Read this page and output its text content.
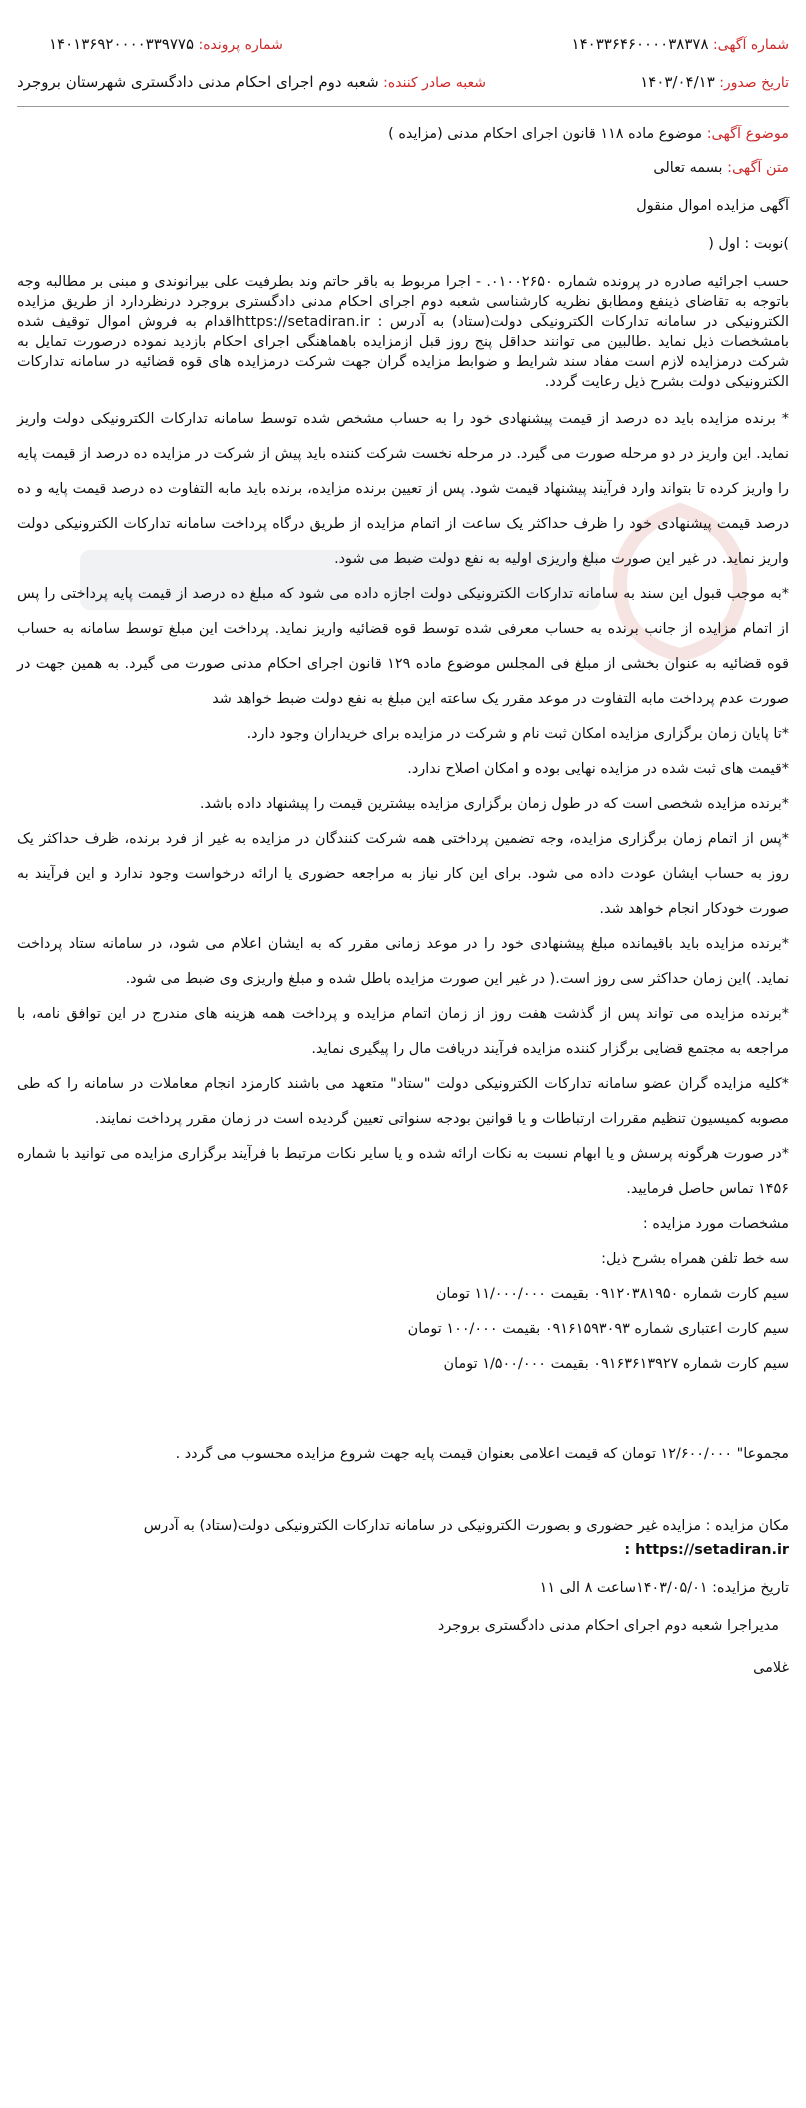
شماره آگهی: ۱۴۰۳۳۶۴۶۰۰۰۰۳۸۳۷۸
شماره پرونده: ۱۴۰۱۳۶۹۲۰۰۰۰۳۳۹۷۷۵
تاریخ صدور: ۱۴۰۳/۰۴/۱۳
شعبه صادر کننده: شعبه دوم اجرای احکام مدنی دادگستری شهرستان بروجرد
موضوع آگهی: موضوع ماده ۱۱۸ قانون اجرای احکام مدنی (مزایده )
متن آگهی: بسمه تعالی
آگهی مزایده اموال منقول
)نوبت : اول (

حسب اجرائیه صادره در پرونده شماره ۰۱۰۰۲۶۵۰. - اجرا مربوط به باقر حاتم وند بطرفیت علی بیرانوندی و مبنی بر مطالبه وجه باتوجه به تقاضای ذینفع ومطابق نظریه کارشناسی شعبه دوم اجرای احکام مدنی دادگستری بروجرد درنظردارد از طریق مزایده الکترونیکی در سامانه تدارکات الکترونیکی دولت(ستاد) به آدرس : https://setadiran.irاقدام به فروش اموال توقیف شده بامشخصات ذیل نماید .طالبین می توانند حداقل پنج روز قبل ازمزایده باهماهنگی اجرای احکام بازدید نموده درصورت تمایل به شرکت درمزایده لازم است مفاد سند شرایط و ضوابط مزایده گران جهت شرکت درمزایده های قوه قضائیه در سامانه تدارکات الکترونیکی دولت بشرح ذیل رعایت گردد.

* برنده مزایده باید ده درصد از قیمت پیشنهادی خود را به حساب مشخص شده توسط سامانه تدارکات الکترونیکی دولت واریز نماید. این واریز در دو مرحله صورت می گیرد. در مرحله نخست شرکت کننده باید پیش از شرکت در مزایده ده درصد از قیمت پایه را واریز کرده تا بتواند وارد فرآیند پیشنهاد قیمت شود. پس از تعیین برنده مزایده، برنده باید مابه التفاوت ده درصد قیمت پایه و ده درصد قیمت پیشنهادی خود را ظرف حداکثر یک ساعت از اتمام مزایده از طریق درگاه پرداخت سامانه تدارکات الکترونیکی دولت واریز نماید. در غیر این صورت مبلغ واریزی اولیه به نفع دولت ضبط می شود.

*به موجب قبول این سند به سامانه تدارکات الکترونیکی دولت اجازه داده می شود که مبلغ ده درصد از قیمت پایه پرداختی را پس از اتمام مزایده از جانب برنده به حساب معرفی شده توسط قوه قضائیه واریز نماید. پرداخت این مبلغ توسط سامانه به حساب قوه قضائیه به عنوان بخشی از مبلغ فی المجلس موضوع ماده ۱۲۹ قانون اجرای احکام مدنی صورت می گیرد. به همین جهت در صورت عدم پرداخت مابه التفاوت در موعد مقرر یک ساعته این مبلغ به نفع دولت ضبط خواهد شد

*تا پایان زمان برگزاری مزایده امکان ثبت نام و شرکت در مزایده برای خریداران وجود دارد.

*قیمت های ثبت شده در مزایده نهایی بوده و امکان اصلاح ندارد.

*برنده مزایده شخصی است که در طول زمان برگزاری مزایده بیشترین قیمت را پیشنهاد داده باشد.

*پس از اتمام زمان برگزاری مزایده، وجه تضمین پرداختی همه شرکت کنندگان در مزایده به غیر از فرد برنده، ظرف حداکثر یک روز به حساب ایشان عودت داده می شود. برای این کار نیاز به مراجعه حضوری یا ارائه درخواست وجود ندارد و این فرآیند به صورت خودکار انجام خواهد شد.

*برنده مزایده باید باقیمانده مبلغ پیشنهادی خود را در موعد زمانی مقرر که به ایشان اعلام می شود، در سامانه ستاد پرداخت نماید. )این زمان حداکثر سی روز است.( در غیر این صورت مزایده باطل شده و مبلغ واریزی وی ضبط می شود.

*برنده مزایده می تواند پس از گذشت هفت روز از زمان اتمام مزایده و پرداخت همه هزینه های مندرج در این توافق نامه، با مراجعه به مجتمع قضایی برگزار کننده مزایده فرآیند دریافت مال را پیگیری نماید.

*کلیه مزایده گران عضو سامانه تدارکات الکترونیکی دولت "ستاد" متعهد می باشند کارمزد انجام معاملات در سامانه را که طی مصوبه کمیسیون تنظیم مقررات ارتباطات و یا قوانین بودجه سنواتی تعیین گردیده است در زمان مقرر پرداخت نمایند.

*در صورت هرگونه پرسش و یا ابهام نسبت به نکات ارائه شده و یا سایر نکات مرتبط با فرآیند برگزاری مزایده می توانید با شماره ۱۴۵۶ تماس حاصل فرمایید.

مشخصات مورد مزایده :
سه خط تلفن همراه بشرح ذیل:
سیم کارت شماره ۰۹۱۲۰۳۸۱۹۵۰ بقیمت ۱۱/۰۰۰/۰۰۰ تومان
سیم کارت اعتباری شماره ۰۹۱۶۱۵۹۳۰۹۳ بقیمت ۱۰۰/۰۰۰ تومان
سیم کارت شماره ۰۹۱۶۳۶۱۳۹۲۷ بقیمت ۱/۵۰۰/۰۰۰ تومان
مجموعا" ۱۲/۶۰۰/۰۰۰ تومان که قیمت اعلامی بعنوان قیمت پایه جهت شروع مزایده محسوب می گردد .
مکان مزایده : مزایده غیر حضوری و بصورت الکترونیکی در سامانه تدارکات الکترونیکی دولت(ستاد) به آدرس
https://setadiran.ir :
تاریخ مزایده: ۱۴۰۳/۰۵/۰۱ساعت ۸ الی ۱۱
مدیراجرا شعبه دوم اجرای احکام مدنی دادگستری بروجرد
غلامی
